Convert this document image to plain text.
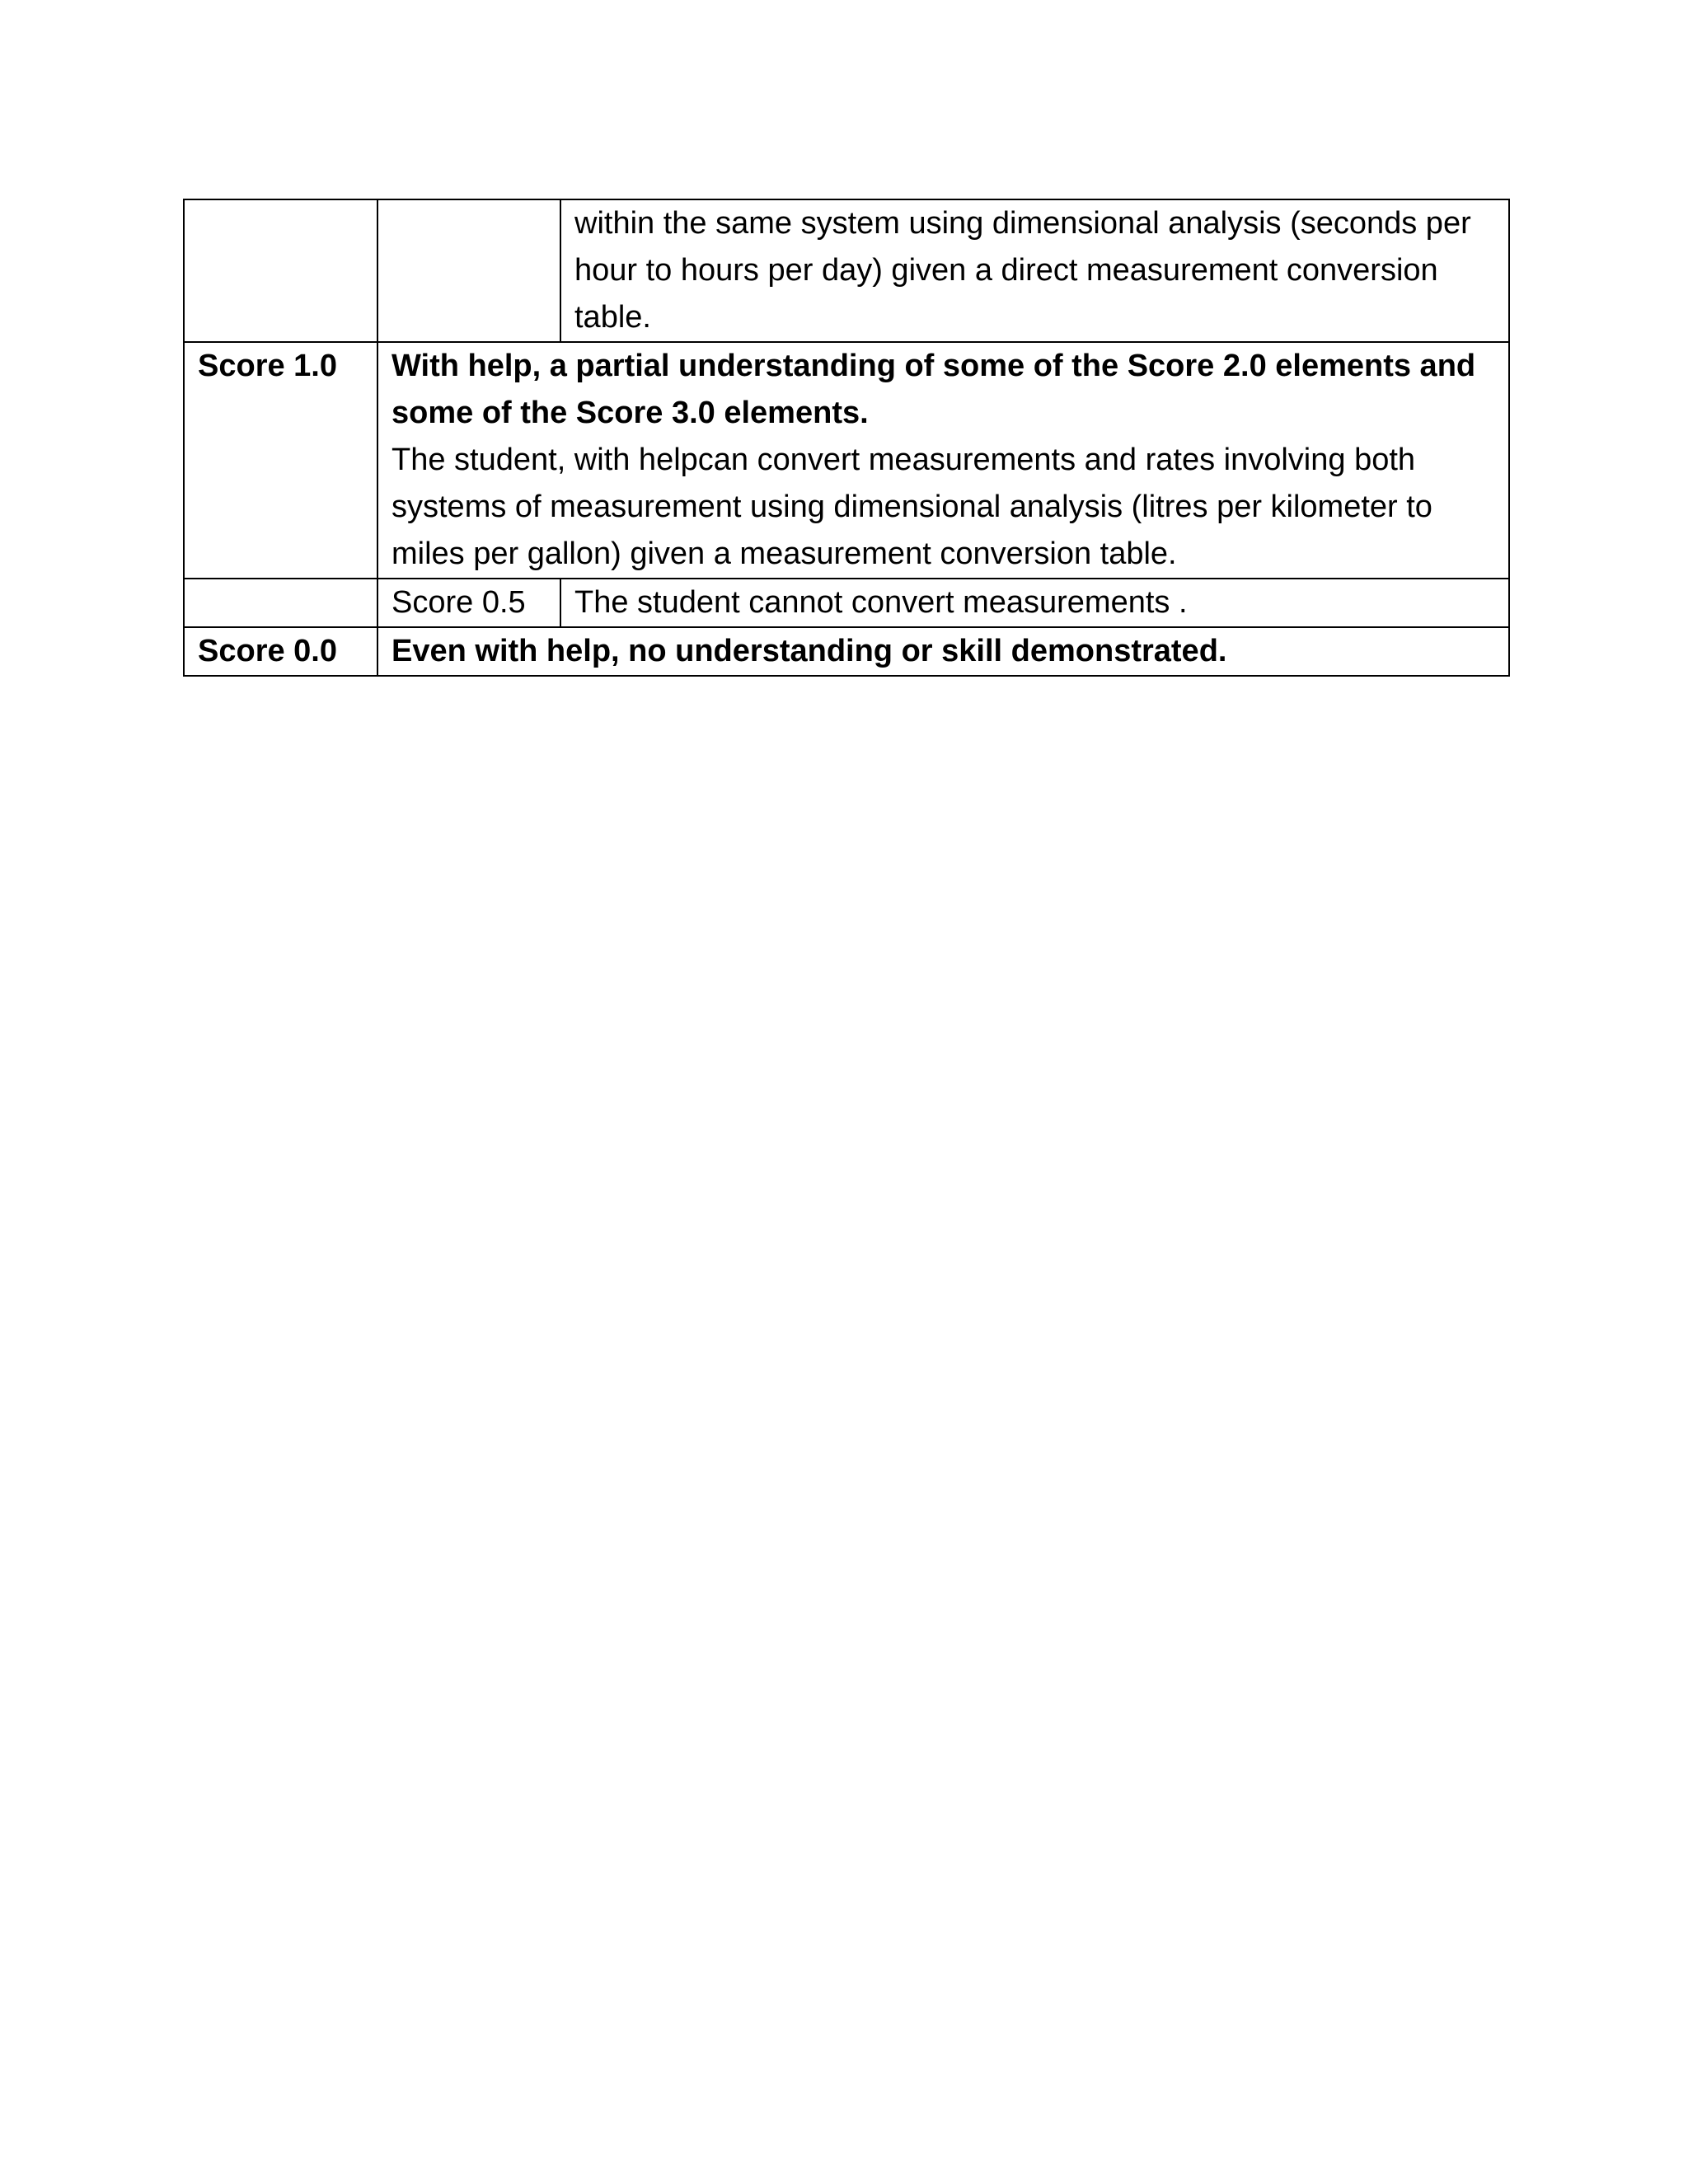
		within the same system using dimensional analysis (seconds per hour to hours per day) given a direct measurement conversion table.
Score 1.0	With help, a partial understanding of some of the Score 2.0 elements and some of the Score 3.0 elements.
The student, with helpcan convert measurements and rates involving both systems of measurement using dimensional analysis (litres per kilometer to miles per gallon) given a measurement conversion table.	

	Score 0.5	The student cannot convert measurements .
Score 0.0	Even with help, no understanding or skill demonstrated.	
